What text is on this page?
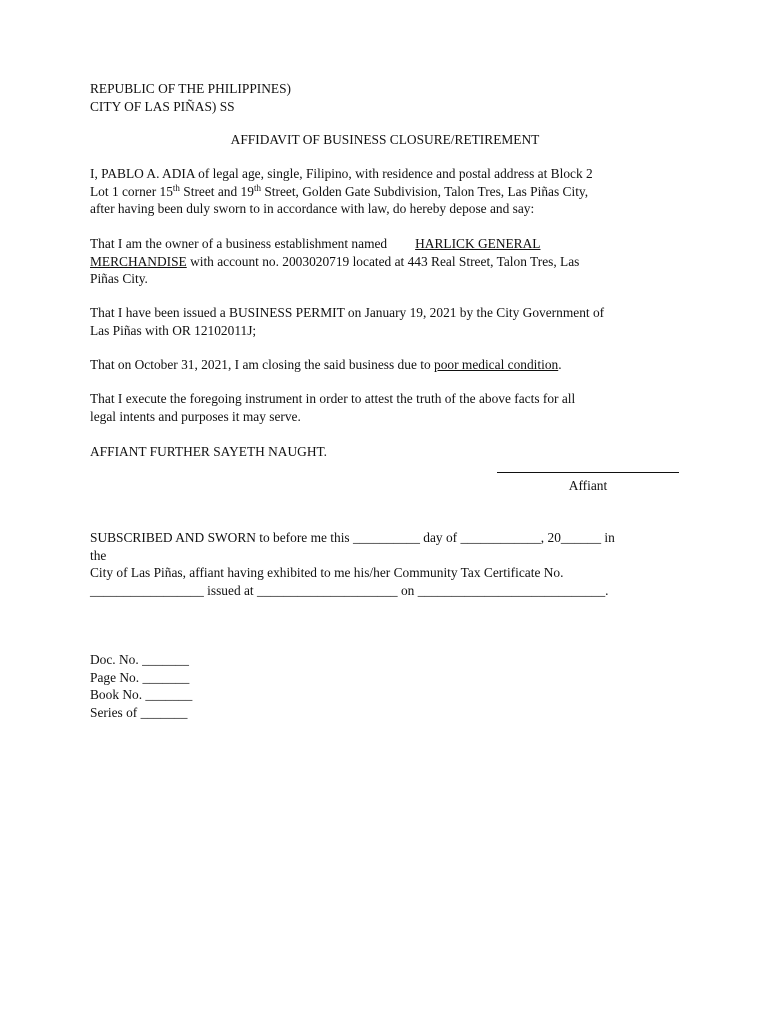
REPUBLIC OF THE PHILIPPINES)
CITY OF LAS PIÑAS) SS
AFFIDAVIT OF BUSINESS CLOSURE/RETIREMENT
I, PABLO A. ADIA of legal age, single, Filipino, with residence and postal address at Block 2
Lot 1 corner 15th Street and 19th Street, Golden Gate Subdivision, Talon Tres, Las Piñas City,
after having been duly sworn to in accordance with law, do hereby depose and say:
That I am the owner of a business establishment named HARLICK GENERAL
MERCHANDISE with account no. 2003020719 located at 443 Real Street, Talon Tres, Las
Piñas City.
That I have been issued a BUSINESS PERMIT on January 19, 2021 by the City Government of
Las Piñas with OR 12102011J;
That on October 31, 2021, I am closing the said business due to poor medical condition.
That I execute the foregoing instrument in order to attest the truth of the above facts for all
legal intents and purposes it may serve.
AFFIANT FURTHER SAYETH NAUGHT.
Affiant
SUBSCRIBED AND SWORN to before me this __________ day of ____________, 20______ in
the
City of Las Piñas, affiant having exhibited to me his/her Community Tax Certificate No.
_________________ issued at _____________________ on ____________________________.
Doc. No. _______
Page No. _______
Book No. _______
Series of _______
